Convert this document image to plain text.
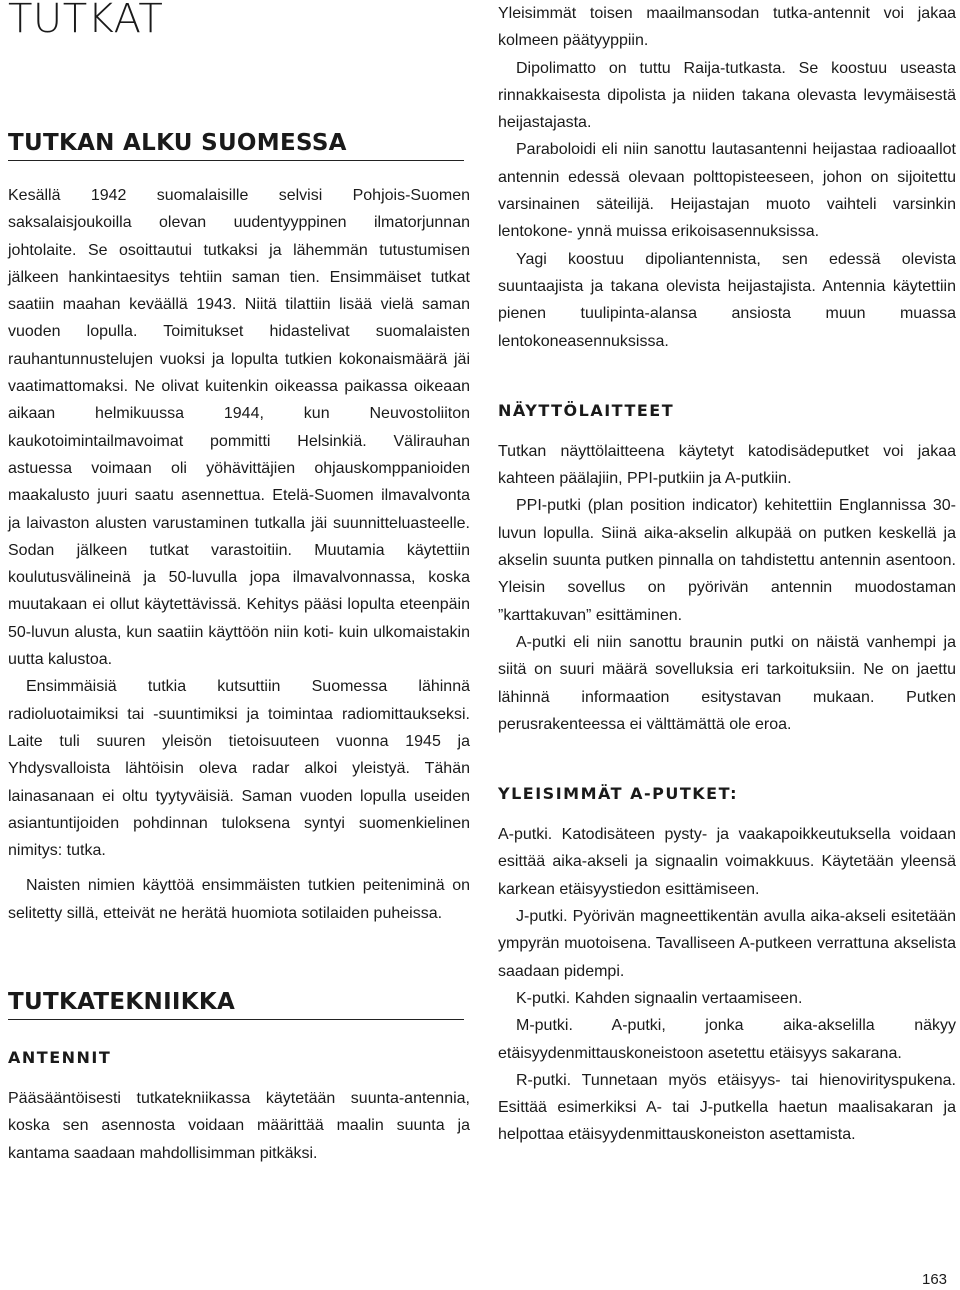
TUTKAT
TUTKAN ALKU SUOMESSA

Kesällä 1942 suomalaisille selvisi Pohjois-Suomen saksalaisjoukoilla olevan uudentyyppinen ilmatorjunnan johtolaite. Se osoittautui tutkaksi ja lähemmän tutustumisen jälkeen hankintaesitys tehtiin saman tien. Ensimmäiset tutkat saatiin maahan keväällä 1943. Niitä tilattiin lisää vielä saman vuoden lopulla. Toimitukset hidastelivat suomalaisten rauhantunnustelujen vuoksi ja lopulta tutkien kokonaismäärä jäi vaatimattomaksi. Ne olivat kuitenkin oikeassa paikassa oikeaan aikaan helmikuussa 1944, kun Neuvostoliiton kaukotoimintailmavoimat pommitti Helsinkiä. Välirauhan astuessa voimaan oli yöhävittäjien ohjauskomppanioiden maakalusto juuri saatu asennettua. Etelä-Suomen ilmavalvonta ja laivaston alusten varustaminen tutkalla jäi suunnitteluasteelle. Sodan jälkeen tutkat varastoitiin. Muutamia käytettiin koulutusvälineinä ja 50-luvulla jopa ilmavalvonnassa, koska muutakaan ei ollut käytettävissä. Kehitys pääsi lopulta eteenpäin 50-luvun alusta, kun saatiin käyttöön niin koti- kuin ulkomaistakin uutta kalustoa.

Ensimmäisiä tutkia kutsuttiin Suomessa lähinnä radioluotaimiksi tai -suuntimiksi ja toimintaa radiomittaukseksi. Laite tuli suuren yleisön tietoisuuteen vuonna 1945 ja Yhdysvalloista lähtöisin oleva radar alkoi yleistyä. Tähän lainasanaan ei oltu tyytyväisiä. Saman vuoden lopulla useiden asiantuntijoiden pohdinnan tuloksena syntyi suomenkielinen nimitys: tutka.

Naisten nimien käyttöä ensimmäisten tutkien peiteniminä on selitetty sillä, etteivät ne herätä huomiota sotilaiden puheissa.

TUTKATEKNIIKKA
ANTENNIT

Pääsääntöisesti tutkatekniikassa käytetään suunta-antennia, koska sen asennosta voidaan määrittää maalin suunta ja kantama saadaan mahdollisimman pitkäksi.

Yleisimmät toisen maailmansodan tutka-antennit voi jakaa kolmeen päätyyppiin.

Dipolimatto on tuttu Raija-tutkasta. Se koostuu useasta rinnakkaisesta dipolista ja niiden takana olevasta levymäisestä heijastajasta.

Paraboloidi eli niin sanottu lautasantenni heijastaa radioaallot antennin edessä olevaan polttopisteeseen, johon on sijoitettu varsinainen säteilijä. Heijastajan muoto vaihteli varsinkin lentokone- ynnä muissa erikoisasennuksissa.

Yagi koostuu dipoliantennista, sen edessä olevista suuntaajista ja takana olevista heijastajista. Antennia käytettiin pienen tuulipinta-alansa ansiosta muun muassa lentokoneasennuksissa.

NÄYTTÖLAITTEET

Tutkan näyttölaitteena käytetyt katodisädeputket voi jakaa kahteen päälajiin, PPI-putkiin ja A-putkiin.

PPI-putki (plan position indicator) kehitettiin Englannissa 30-luvun lopulla. Siinä aika-akselin alkupää on putken keskellä ja akselin suunta putken pinnalla on tahdistettu antennin asentoon. Yleisin sovellus on pyörivän antennin muodostaman ”karttakuvan” esittäminen.

A-putki eli niin sanottu braunin putki on näistä vanhempi ja siitä on suuri määrä sovelluksia eri tarkoituksiin. Ne on jaettu lähinnä informaation esitystavan mukaan. Putken perusrakenteessa ei välttämättä ole eroa.

YLEISIMMÄT A-PUTKET:

A-putki. Katodisäteen pysty- ja vaakapoikkeutuksella voidaan esittää aika-akseli ja signaalin voimakkuus. Käytetään yleensä karkean etäisyystiedon esittämiseen.

J-putki. Pyörivän magneettikentän avulla aika-akseli esitetään ympyrän muotoisena. Tavalliseen A-putkeen verrattuna akselista saadaan pidempi.

K-putki. Kahden signaalin vertaamiseen.

M-putki. A-putki, jonka aika-akselilla näkyy etäisyydenmittauskoneistoon asetettu etäisyys sakarana.

R-putki. Tunnetaan myös etäisyys- tai hienovirityspukena. Esittää esimerkiksi A- tai J-putkella haetun maalisakaran ja helpottaa etäisyydenmittauskoneiston asettamista.

163
